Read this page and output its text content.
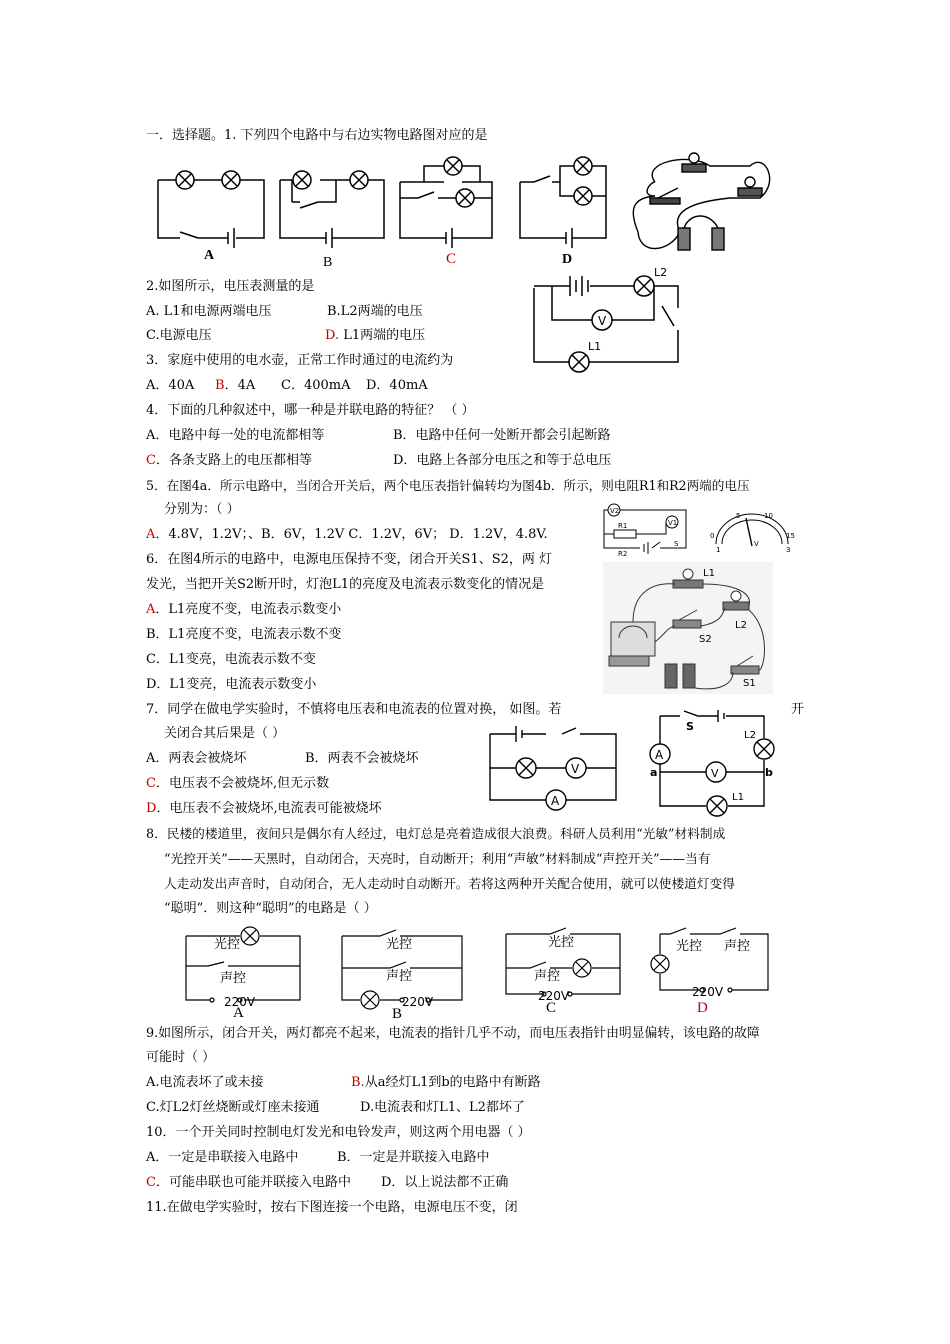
一．选择题。1. 下列四个电路中与右边实物电路图对应的是
A	B	C	D
2.如图所示，电压表测量的是
A. L1和电源两端电压	B.L2两端的电压
C.电源电压	D. L1两端的电压
V
L2
L1
3．家庭中使用的电水壶，正常工作时通过的电流约为
A．40A B．4A C．400mA D．40mA
4．下面的几种叙述中，哪一种是并联电路的特征？ （ ）
A．电路中每一处的电流都相等	B．电路中任何一处断开都会引起断路
C．各条支路上的电压都相等	D．电路上各部分电压之和等于总电压
5．在图4a．所示电路中，当闭合开关后，两个电压表指针偏转均为图4b．所示，则电阻R1和R2两端的电压
分别为：（ ）
A．4.8V，1.2V；、B．6V，1.2V C．1.2V，6V； D．1.2V，4.8V.
V2
V1
R1
R2
S
0
5	10
15
V
1	3
6．在图4所示的电路中，电源电压保持不变，闭合开关S1、S2，两 灯
发光，当把开关S2断开时，灯泡L1的亮度及电流表示数变化的情况是
A．L1亮度不变，电流表示数变小
B．L1亮度不变，电流表示数不变
C．L1变亮，电流表示数不变
D．L1变亮，电流表示数变小
L1
L2
S2
S1
7．同学在做电学实验时，不慎将电压表和电流表的位置对换， 如图。若	开
关闭合其后果是（ ）
A．两表会被烧坏	B．两表不会被烧坏
C．电压表不会被烧坏,但无示数
D．电压表不会被烧坏,电流表可能被烧坏
V
A
S
A
L2
V
a	b
L1
8．民楼的楼道里，夜间只是偶尔有人经过，电灯总是亮着造成很大浪费。科研人员利用“光敏”材料制成
“光控开关”——天黑时，自动闭合，天亮时，自动断开；利用“声敏”材料制成“声控开关”——当有
人走动发出声音时，自动闭合，无人走动时自动断开。若将这两种开关配合使用，就可以使楼道灯变得
“聪明”．则这种“聪明”的电路是（ ）
光控
声控
220V
光控
声控
220V
光控
声控
220V
光控 声控
220V
A	B	C	D
9.如图所示，闭合开关，两灯都亮不起来，电流表的指针几乎不动，而电压表指针由明显偏转，该电路的故障
可能时（ ）
A.电流表坏了或未接	B.从a经灯L1到b的电路中有断路
C.灯L2灯丝烧断或灯座未接通	D.电流表和灯L1、L2都坏了
10．一个开关同时控制电灯发光和电铃发声，则这两个用电器（ ）
A．一定是串联接入电路中	B．一定是并联接入电路中
C．可能串联也可能并联接入电路中 D．以上说法都不正确
11.在做电学实验时，按右下图连接一个电路，电源电压不变，闭
